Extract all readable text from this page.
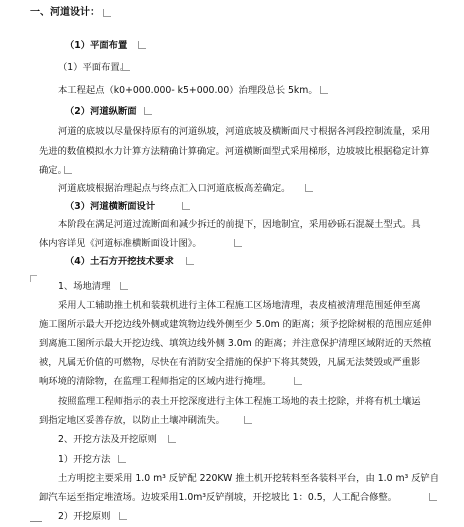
一、河道设计：
（1）平面布置
（1）平面布置。
本工程起点（k0+000.000- k5+000.00）治理段总长 5km。
（2）河道纵断面
河道的底坡以尽量保持原有的河道纵坡，河道底坡及横断面尺寸根据各河段控制流量，采用
先进的数值模拟水力计算方法精确计算确定。河道横断面型式采用梯形，边坡坡比根据稳定计算
确定。
河道底坡根据治理起点与终点汇入口河道底板高差确定。
（3）河道横断面设计
本阶段在满足河道过流断面和减少拆迁的前提下，因地制宜，采用砂砾石混凝土型式。具
体内容详见《河道标准横断面设计图》。
（4）土石方开挖技术要求
1、场地清理
采用人工辅助推土机和装载机进行主体工程施工区场地清理，表皮植被清理范围延伸至离
施工图所示最大开挖边线外侧或建筑物边线外侧至少 5.0m 的距离；须予挖除树根的范围应延伸
到离施工图所示最大开挖边线、填筑边线外侧 3.0m 的距离；并注意保护清理区域附近的天然植
被，凡属无价值的可燃物，尽快在有消防安全措施的保护下将其焚毁，凡属无法焚毁或严重影
响环境的清除物，在监理工程师指定的区域内进行掩埋。
按照监理工程师指示的表土开挖深度进行主体工程施工场地的表土挖除，并将有机土壤运
到指定地区妥善存放，以防止土壤冲刷流失。
2、开挖方法及开挖原则
1）开挖方法
土方明挖主要采用 1.0 m³ 反铲配 220KW 推土机开挖转料至各装料平台，由 1.0 m³ 反铲自
卸汽车运至指定堆渣场。边坡采用1.0m³反铲削坡，开挖坡比 1：0.5，人工配合修整。
2）开挖原则
